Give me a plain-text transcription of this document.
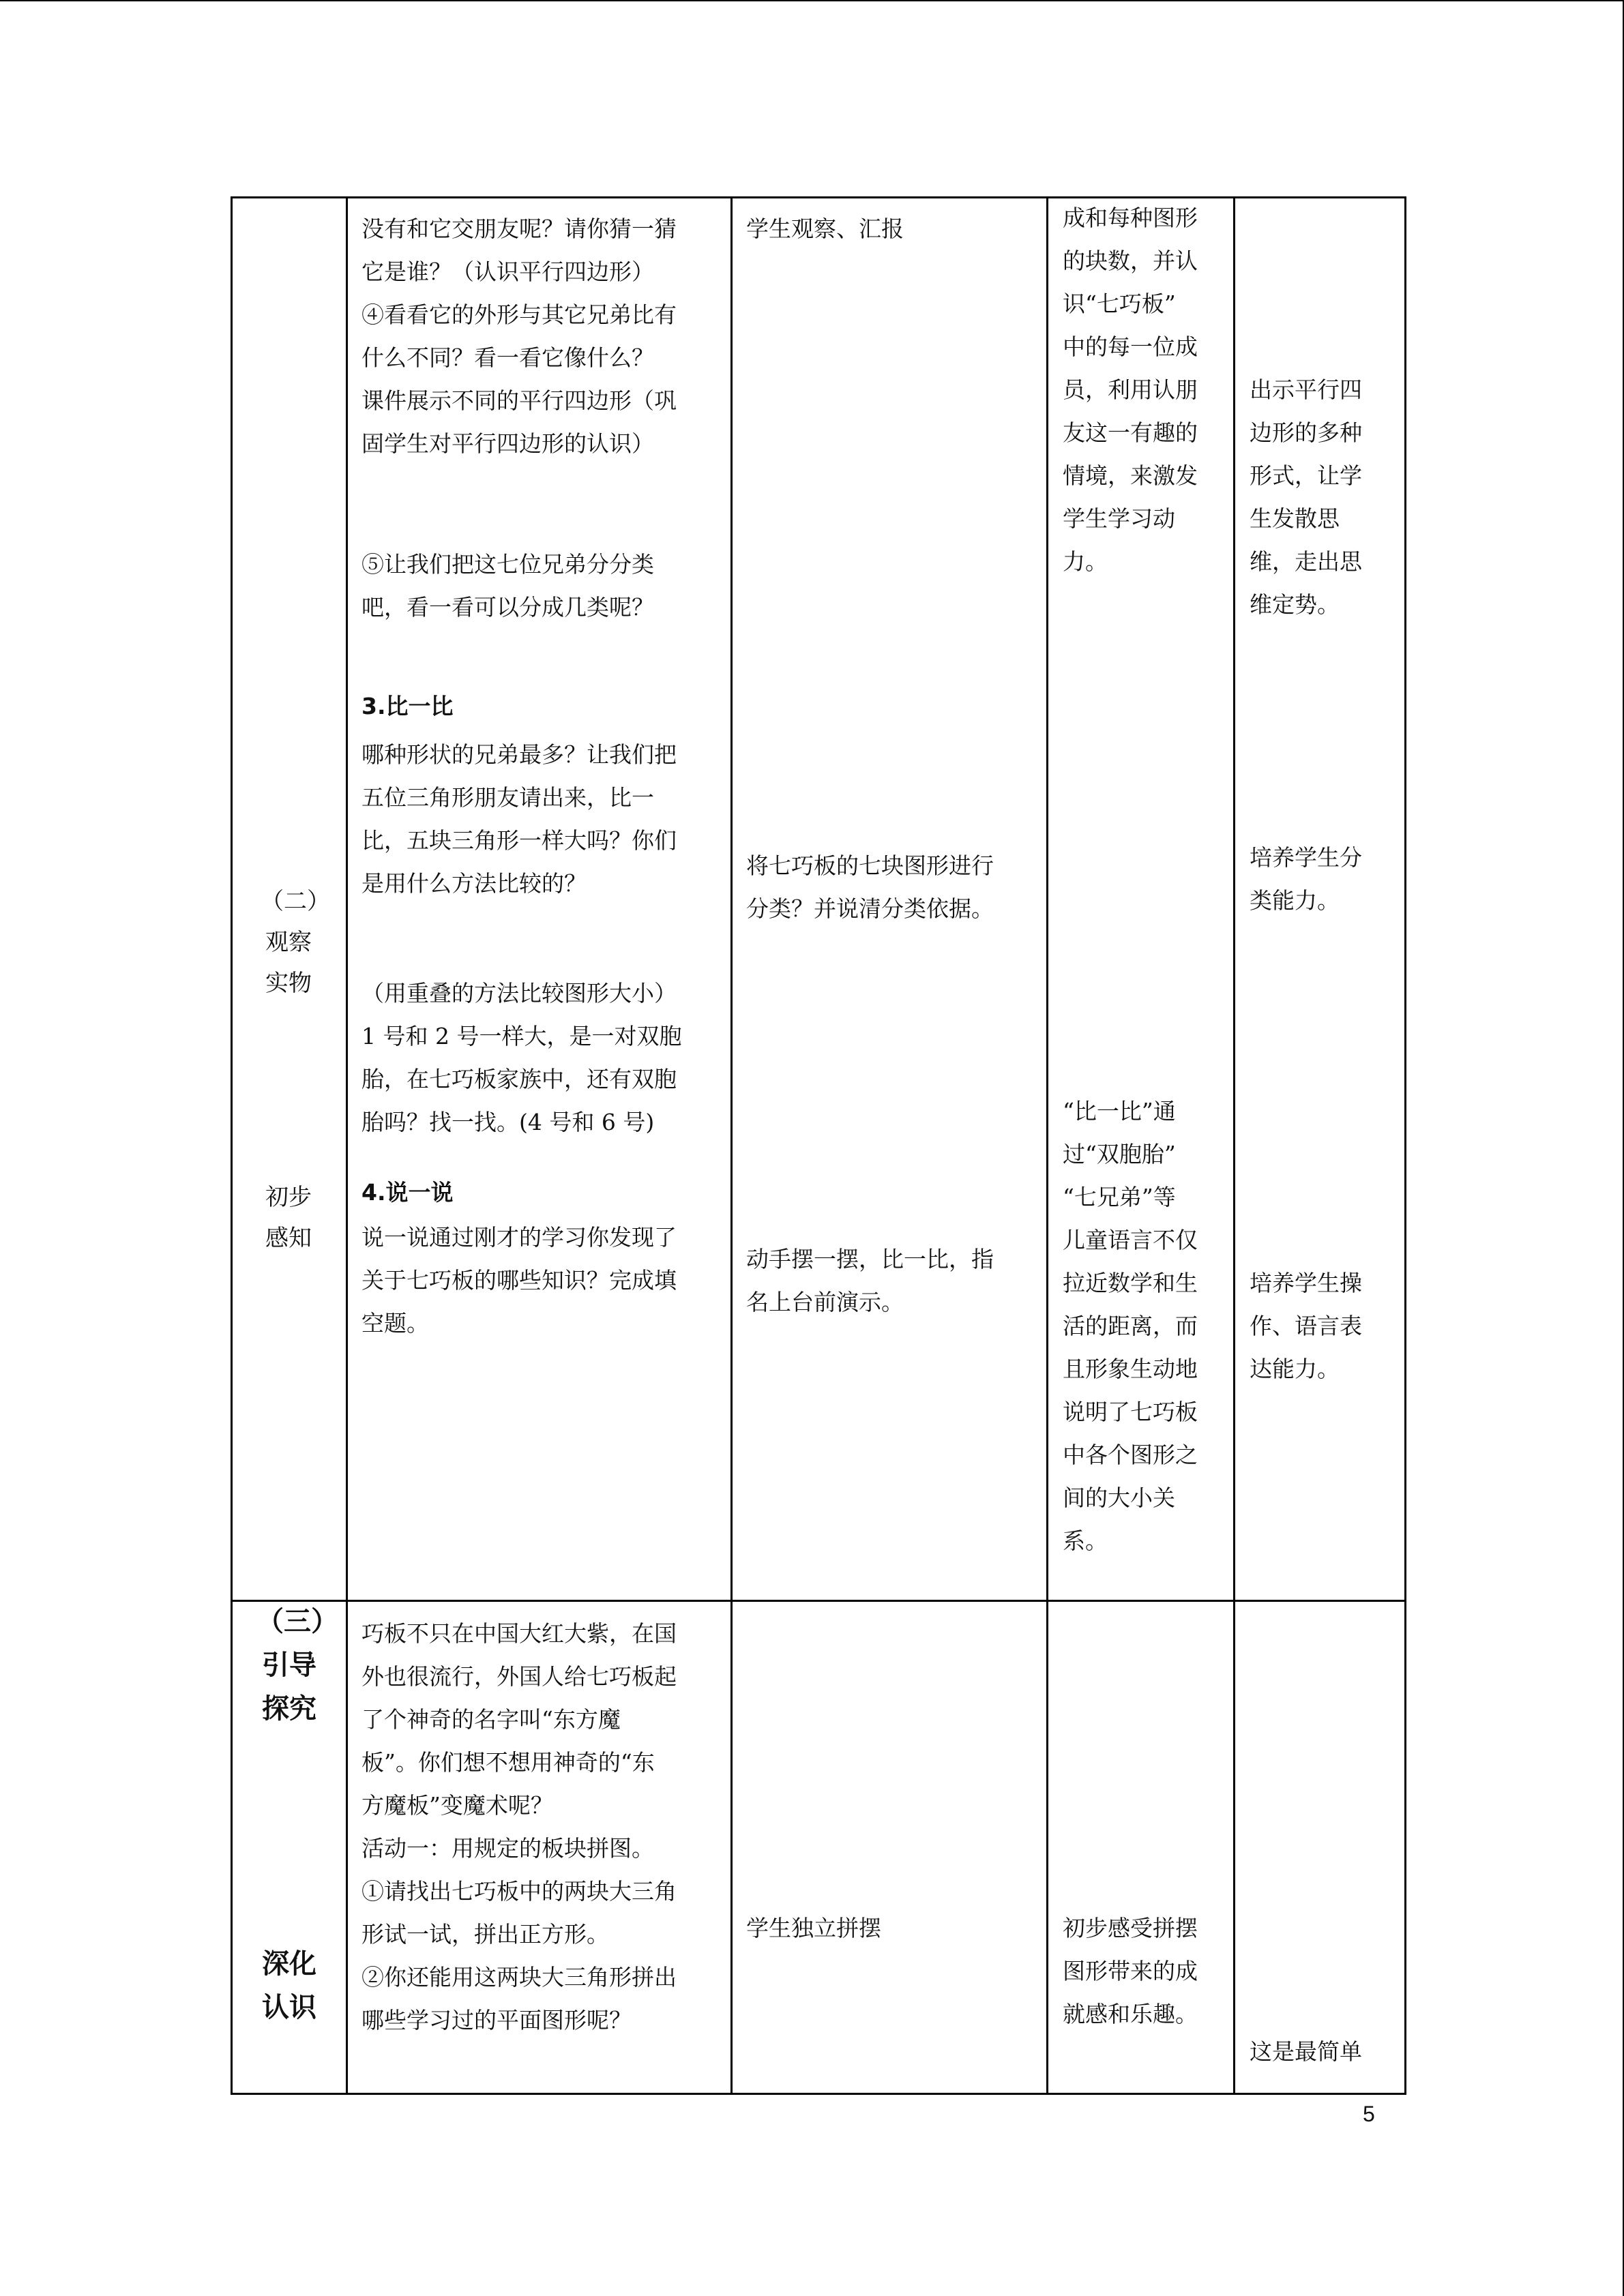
（二）
观察
实物
初步
感知
没有和它交朋友呢？请你猜一猜
它是谁？（认识平行四边形）
④看看它的外形与其它兄弟比有
什么不同？看一看它像什么？
课件展示不同的平行四边形（巩
固学生对平行四边形的认识）
⑤让我们把这七位兄弟分分类
吧，看一看可以分成几类呢？
3.比一比
哪种形状的兄弟最多？让我们把
五位三角形朋友请出来，比一
比，五块三角形一样大吗？你们
是用什么方法比较的？
（用重叠的方法比较图形大小）
1 号和 2 号一样大，是一对双胞
胎，在七巧板家族中，还有双胞
胎吗？找一找。(4 号和 6 号)
4.说一说
说一说通过刚才的学习你发现了
关于七巧板的哪些知识？完成填
空题。
学生观察、汇报
将七巧板的七块图形进行
分类？并说清分类依据。
动手摆一摆，比一比，指
名上台前演示。
成和每种图形
的块数，并认
识“七巧板”
中的每一位成
员，利用认朋
友这一有趣的
情境，来激发
学生学习动
力。
“比一比”通
过“双胞胎”
“七兄弟”等
儿童语言不仅
拉近数学和生
活的距离，而
且形象生动地
说明了七巧板
中各个图形之
间的大小关
系。
出示平行四
边形的多种
形式，让学
生发散思
维，走出思
维定势。
培养学生分
类能力。
培养学生操
作、语言表
达能力。
（三）
引导
探究
深化
认识
巧板不只在中国大红大紫，在国
外也很流行，外国人给七巧板起
了个神奇的名字叫“东方魔
板”。你们想不想用神奇的“东
方魔板”变魔术呢？
活动一：用规定的板块拼图。
①请找出七巧板中的两块大三角
形试一试，拼出正方形。
②你还能用这两块大三角形拼出
哪些学习过的平面图形呢？
学生独立拼摆	初步感受拼摆
图形带来的成
就感和乐趣。
这是最简单
5
